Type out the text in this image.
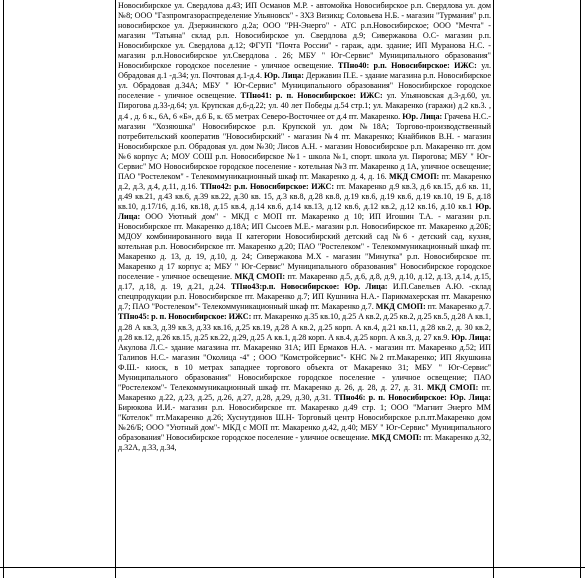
Новосибирское ул. Свердлова д.43; ИП Османов М.Р. - автомойка Новосибирское р.п. Свердлова ул. дом №8; ООО "Газпромгазораспределение Ульяновск" - ЗХЗ Визикц; Соловьева Н.Б. - магазин "Турмания" р.п. новосибирское ул. Дзержинского д.2а; ООО "РН-Энерго" - АТС р.п.Новосибирское; ООО "Мечта" - магазин "Татьяна" склад р.п. Новосибирское ул. Свердлова д.9; Сивержакова О.С- магазин р.п. Новосибирское ул. Свердлова д.12; ФГУП "Почта России" - гараж, адм. здание; ИП Муранова Н.С. - магазин р.п.Новосибирское ул.Свердлова . 26; МБУ " Юг-Сервис" Муниципального образования" Новосибирское городское поселение - уличное освещение. ТПно40: р.п. Новосибирское: ИЖС: ул. Обрадовая д.1 -д.34; ул. Почтовая д.1-д.4. Юр. Лица: Державин П.Е. - здание магазина р.п. Новосибирское ул. Обрадовая д.34А; МБУ " Юг-Сервис" Муниципального образования" Новосибирское городское поселение - уличное освещение. ТПно41: р. п. Новосибирское: ИЖС: ул. Ульяновская д.3-д.60, ул. Пирогова д.33-д.64; ул. Крупская д.6-д.22; ул. 40 лет Победы д.54 стр.1; ул. Макаренко (гаражи) д.2 кв.3. , д.4 , д. 6 к., 6А, 6 «Б», д.6 Б, к. 65 метрах Северо-Восточнее от д.4 пт. Макаренко. Юр. Лица: Грачева Н.С.- магазин "Хозяюшка" Новосибирское р.п. Крупской ул. дом №18А; Торгово-производственный потребительский кооператив "Новосибирский" - магазин №4 пт. Макаренко; Кнайбиков В.Н. - магазин Новосибирское р.п. Обрадовая ул. дом №30; Лисов А.Н. - магазин Новосибирское р.п. Макаренко пт. дом №6 корпус А; МОУ СОШ р.п. Новосибирское №1 - школа №1, спорт. школа ул. Пирогова; МБУ " Юг-Сервис" МО Новосибирское городское поселение - котельная №3 пт. Макаренко д 1А, уличное освещение; ПАО "Ростелеком" - Телекоммуникационный шкаф пт. Макаренко д. 4, д. 16. МКД СМОП: пт. Макаренко д.2, д.3, д.4, д.11, д.16. ТПно42: р.п. Новосибирское: ИЖС: пт. Макаренко д.9 кв.3, д.6 кв.15, д.6 кв. 11, д.49 кв.21, д.43 кв.6, д.39 кв.22, д.30 кв. 15, д.3 кв.8, д.28 кв.8, д.19 кв.6, д.19 кв.6, д.19 кв.10, 19 Б, д.18 кв.10, д.17/16, д.16, кв.18, д.15 кв.4, д.14 кв.6, д.14 кв.13, д.12 кв.6, д.12 кв.2, д.12 кв.16, д.10 кв.1 Юр. Лица: ООО Уютный дом" - МКД с МОП пт. Макаренко д 10; ИП Игошин Т.А. - магазин р.п. Новосибирское пт. Макаренко д.18А; ИП Сысоев М.Е.- магазин р.п. Новосибирское пт. Макаренко д.20Б; МДОУ комбинированного вида II категории Новосибирский детский сад №6 - детский сад, кухня, котельная р.п. Новосибирское пт. Макаренко д.20; ПАО "Ростелеком" - Телекоммуникационный шкаф пт. Макаренко д. 13, д. 19, д.10, д. 24; Сивержакова М.Х - магазин "Минутка" р.п. Новосибирское пт. Макаренко д 17 корпус а; МБУ " Юг-Сервис" Муниципального образования" Новосибирское городское поселение - уличное освещение. МКД СМОП: пт. Макаренко д.5, д.6, д.8, д.9, д.10, д.12, д.13, д.14, д.15, д.17, д.18, д. 19, д.21, д.24. ТПно43:р.п. Новосибирское: Юр. Лица: И.П.Савельев А.Ю. -склад спецпродукции р.п. Новосибирское пт. Макаренко д.7; ИП Кушнина Н.А.- Парикмахерская пт. Макаренко д.7; ПАО "Ростелеком"- Телекоммуникационный шкаф пт. Макаренко д.7. МКД СМОП: пт. Макаренко д.7. ТПно45: р. п. Новосибирское: ИЖС: пт. Макаренко д.35 кв.10, д.25 А кв.2, д.25 кв.2, д.25 кв.5, д.28 А кв.1, д.28 А кв.3, д.39 кв.3, д.33 кв.16, д.25 кв.19, д.28 А кв.2, д.25 корп. А кв.4, д.21 кв.11, д.28 кв.2, д. 30 кв.2, д.28 кв.12, д.26 кв.15, д.25 кв.22, д.29, д.25 А кв.1, д.28 корп. А кв.4, д.25 корп. А кв.3, д. 27 кв.9. Юр. Лица: Акулова Л.С.- здание магазина пт. Макаренко 31А; ИП Ермаков Н.А. - магазин пт. Макаренко д.52; ИП Талипов Н.С.- магазин "Околица -4" ; ООО "Комстройсервис"- КНС №2 пт.Макаренко; ИП Якушкина Ф.Ш.- киоск, в 10 метрах западнее торгового объекта от Макаренко 31; МБУ " Юг-Сервис" Муниципального образования" Новосибирское городское поселение - уличное освещение; ПАО "Ростелеком"- Телекоммуникационный шкаф пт. Макаренко д. 26, д. 28, д. 27, д. 31. МКД СМОП: пт. Макаренко д.22, д.23, д.25, д.26, д.27, д.28, д.29, д.30, д.31. ТПно46: р. п. Новосибирское: Юр. Лица: Бирюкова И.И.- магазин р.п. Новосибирское пт. Макаренко д.49 стр. 1; ООО "Магнит Энерго ММ "Котелок" пт.Макаренко д.26; Хуснутдинов Ш.Н- Торговый центр Новосибирское р.п.пт.Макаренко дом №26/Б; ООО "Уютный дом"- МКД с МОП пт. Макаренко д.42, д.40; МБУ " Юг-Сервис" Муниципального образования" Новосибирское городское поселение - уличное освещение. МКД СМОП: пт. Макаренко д.32, д.32А, д.33, д.34,
